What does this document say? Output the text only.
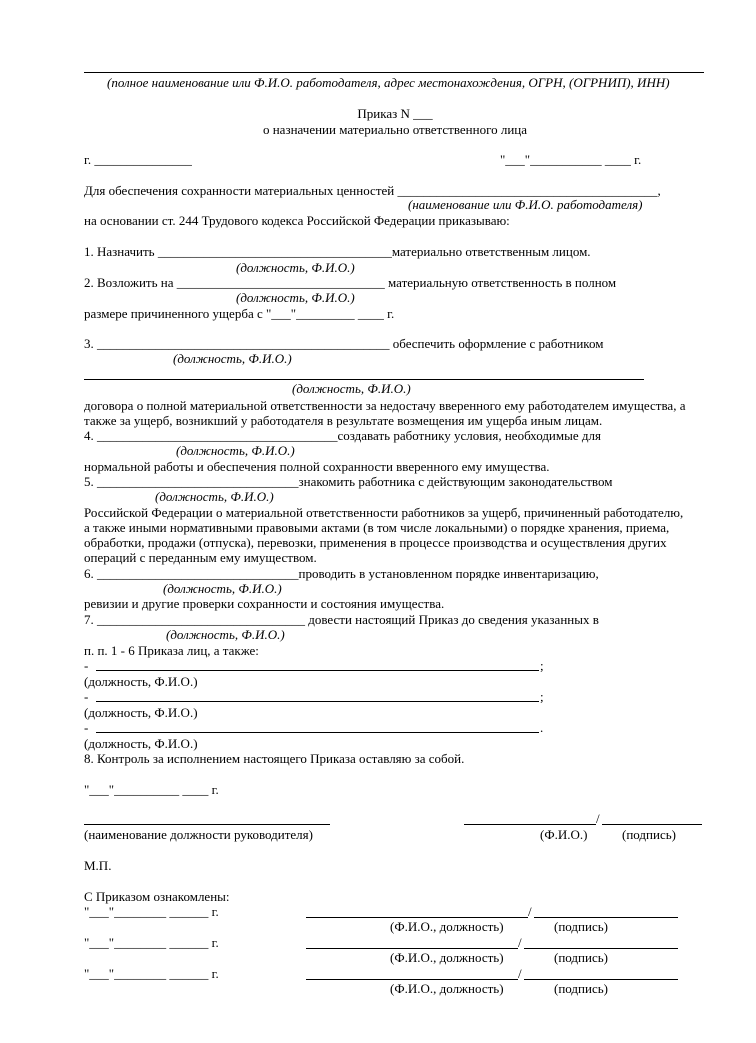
(полное наименование или Ф.И.О. работодателя, адрес местонахождения, ОГРН, (ОГРНИП), ИНН)
Приказ N ___
о назначении материально ответственного лица
г. _______________	"___"___________ ____ г.
Для обеспечения сохранности материальных ценностей ________________________________________,
(наименование или Ф.И.О. работодателя)
на основании ст. 244 Трудового кодекса Российской Федерации приказываю:
1. Назначить ____________________________________материально ответственным лицом.
(должность, Ф.И.О.)
2. Возложить на ________________________________ материальную ответственность в полном
(должность, Ф.И.О.)
размере причиненного ущерба с "___"_________ ____ г.
3. _____________________________________________ обеспечить оформление с работником
(должность, Ф.И.О.)
(должность, Ф.И.О.)
договора о полной материальной ответственности за недостачу вверенного ему работодателем имущества, а
также за ущерб, возникший у работодателя в результате возмещения им ущерба иным лицам.
4. _____________________________________создавать работнику условия, необходимые для
(должность, Ф.И.О.)
нормальной работы и обеспечения полной сохранности вверенного ему имущества.
5. _______________________________знакомить работника с действующим законодательством
(должность, Ф.И.О.)
Российской Федерации о материальной ответственности работников за ущерб, причиненный работодателю,
а также иными нормативными правовыми актами (в том числе локальными) о порядке хранения, приема,
обработки, продажи (отпуска), перевозки, применения в процессе производства и осуществления других
операций с переданным ему имуществом.
6. _______________________________проводить в установленном порядке инвентаризацию,
(должность, Ф.И.О.)
ревизии и другие проверки сохранности и состояния имущества.
7. ________________________________ довести настоящий Приказ до сведения указанных в
(должность, Ф.И.О.)
п. п. 1 - 6 Приказа лиц, а также:
-	;
(должность, Ф.И.О.)
-	;
(должность, Ф.И.О.)
-	.
(должность, Ф.И.О.)
8. Контроль за исполнением настоящего Приказа оставляю за собой.
"___"__________ ____ г.
/
(наименование должности руководителя)	(Ф.И.О.)	(подпись)
М.П.
С Приказом ознакомлены:
"___"________ ______ г.	/
(Ф.И.О., должность)	(подпись)
"___"________ ______ г.	/
(Ф.И.О., должность)	(подпись)
"___"________ ______ г.	/
(Ф.И.О., должность)	(подпись)
